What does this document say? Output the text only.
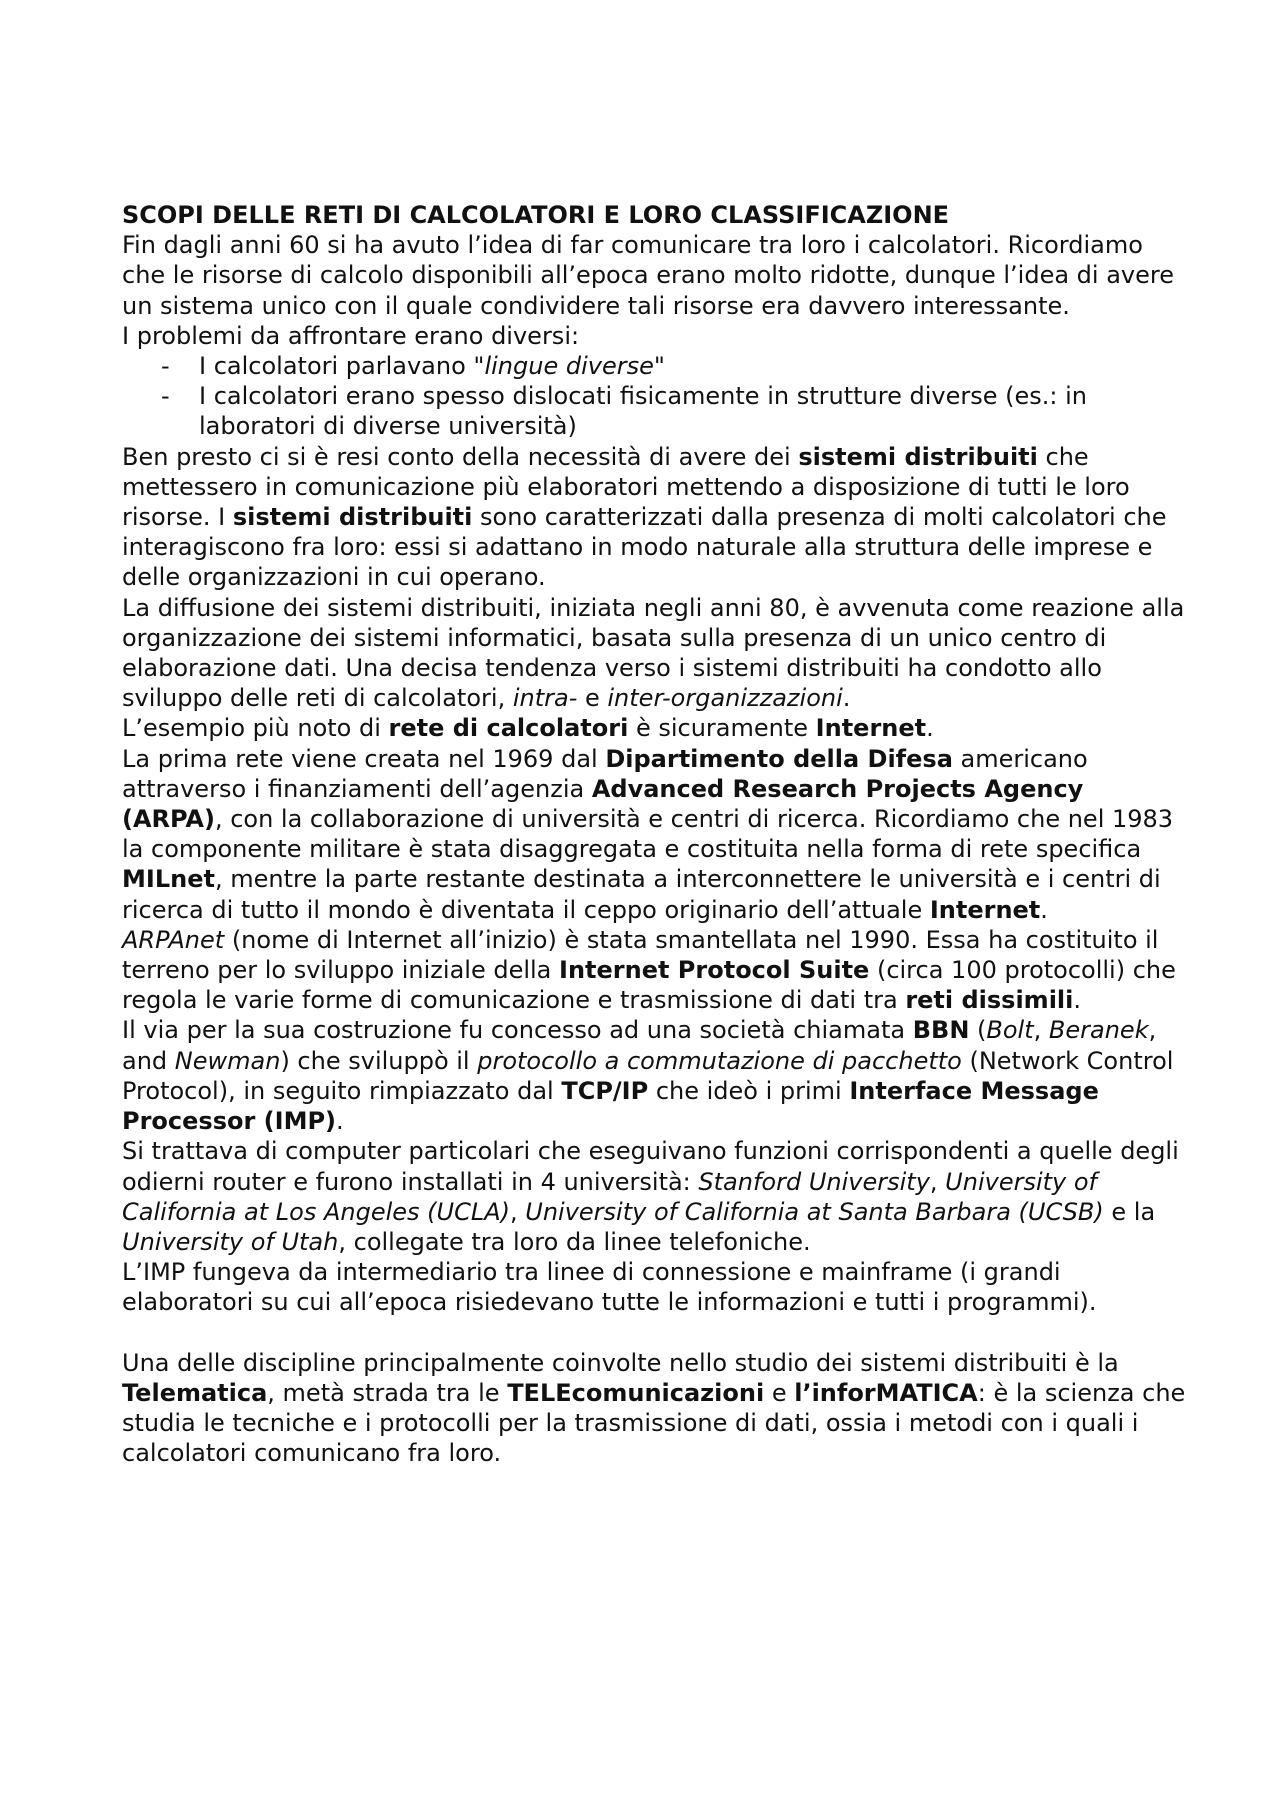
SCOPI DELLE RETI DI CALCOLATORI E LORO CLASSIFICAZIONE
Fin dagli anni 60 si ha avuto l’idea di far comunicare tra loro i calcolatori. Ricordiamo che le risorse di calcolo disponibili all’epoca erano molto ridotte, dunque l’idea di avere un sistema unico con il quale condividere tali risorse era davvero interessante.
I problemi da affrontare erano diversi:
- I calcolatori parlavano "lingue diverse"
- I calcolatori erano spesso dislocati fisicamente in strutture diverse (es.: in laboratori di diverse università)
Ben presto ci si è resi conto della necessità di avere dei sistemi distribuiti che mettessero in comunicazione più elaboratori mettendo a disposizione di tutti le loro risorse. I sistemi distribuiti sono caratterizzati dalla presenza di molti calcolatori che interagiscono fra loro: essi si adattano in modo naturale alla struttura delle imprese e delle organizzazioni in cui operano.
La diffusione dei sistemi distribuiti, iniziata negli anni 80, è avvenuta come reazione alla organizzazione dei sistemi informatici, basata sulla presenza di un unico centro di elaborazione dati. Una decisa tendenza verso i sistemi distribuiti ha condotto allo sviluppo delle reti di calcolatori, intra- e inter-organizzazioni.
L’esempio più noto di rete di calcolatori è sicuramente Internet.
La prima rete viene creata nel 1969 dal Dipartimento della Difesa americano attraverso i finanziamenti dell’agenzia Advanced Research Projects Agency (ARPA), con la collaborazione di università e centri di ricerca. Ricordiamo che nel 1983 la componente militare è stata disaggregata e costituita nella forma di rete specifica MILnet, mentre la parte restante destinata a interconnettere le università e i centri di ricerca di tutto il mondo è diventata il ceppo originario dell’attuale Internet.
ARPAnet (nome di Internet all’inizio) è stata smantellata nel 1990. Essa ha costituito il terreno per lo sviluppo iniziale della Internet Protocol Suite (circa 100 protocolli) che regola le varie forme di comunicazione e trasmissione di dati tra reti dissimili.
Il via per la sua costruzione fu concesso ad una società chiamata BBN (Bolt, Beranek, and Newman) che sviluppò il protocollo a commutazione di pacchetto (Network Control Protocol), in seguito rimpiazzato dal TCP/IP che ideò i primi Interface Message Processor (IMP).
Si trattava di computer particolari che eseguivano funzioni corrispondenti a quelle degli odierni router e furono installati in 4 università: Stanford University, University of California at Los Angeles (UCLA), University of California at Santa Barbara (UCSB) e la University of Utah, collegate tra loro da linee telefoniche.
L’IMP fungeva da intermediario tra linee di connessione e mainframe (i grandi elaboratori su cui all’epoca risiedevano tutte le informazioni e tutti i programmi).
Una delle discipline principalmente coinvolte nello studio dei sistemi distribuiti è la Telematica, metà strada tra le TELEcomunicazioni e l’inforMATICA: è la scienza che studia le tecniche e i protocolli per la trasmissione di dati, ossia i metodi con i quali i calcolatori comunicano fra loro.
